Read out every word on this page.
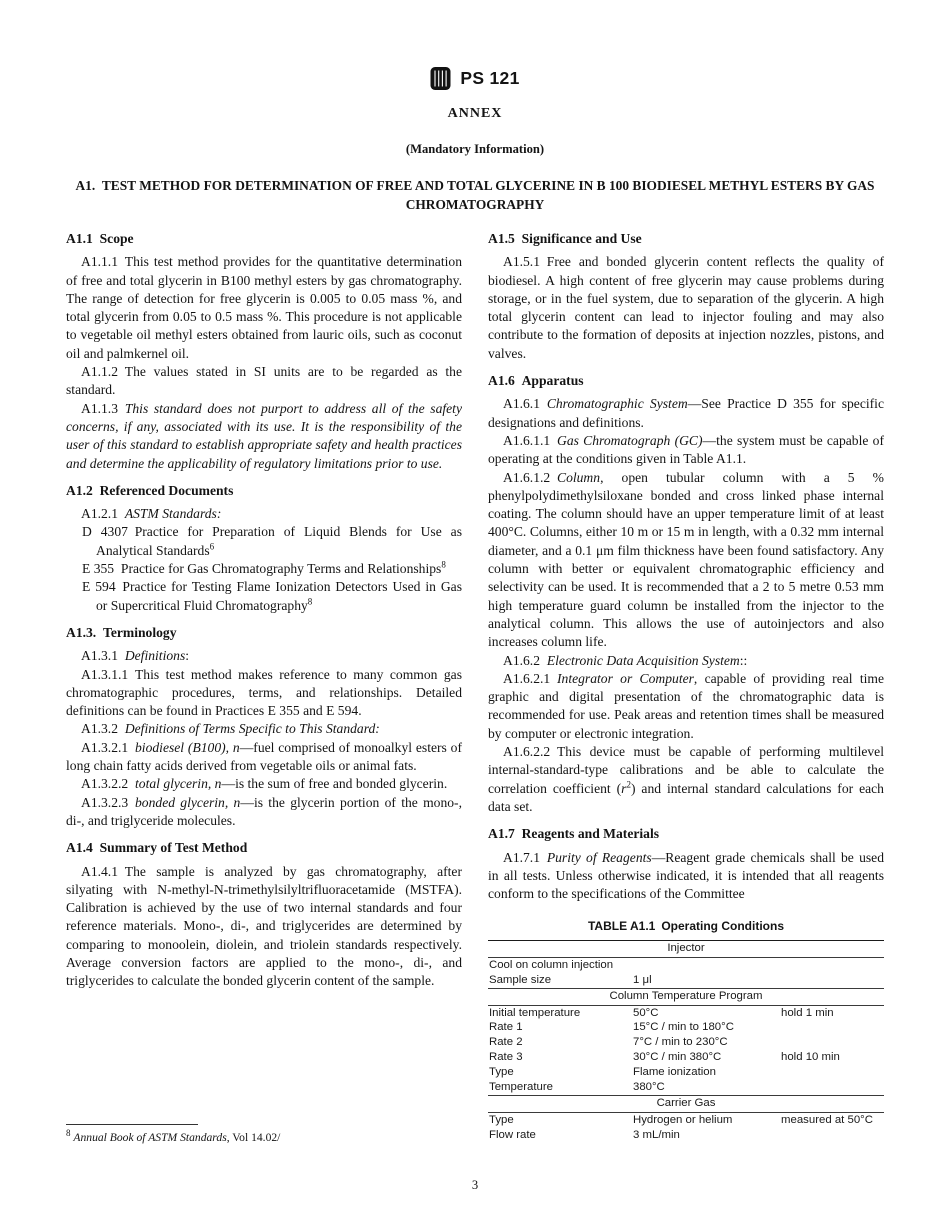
PS 121
ANNEX
(Mandatory Information)
A1. TEST METHOD FOR DETERMINATION OF FREE AND TOTAL GLYCERINE IN B 100 BIODIESEL METHYL ESTERS BY GAS CHROMATOGRAPHY
A1.1 Scope
A1.1.1 This test method provides for the quantitative determination of free and total glycerin in B100 methyl esters by gas chromatography. The range of detection for free glycerin is 0.005 to 0.05 mass %, and total glycerin from 0.05 to 0.5 mass %. This procedure is not applicable to vegetable oil methyl esters obtained from lauric oils, such as coconut oil and palmkernel oil.
A1.1.2 The values stated in SI units are to be regarded as the standard.
A1.1.3 This standard does not purport to address all of the safety concerns, if any, associated with its use. It is the responsibility of the user of this standard to establish appropriate safety and health practices and determine the applicability of regulatory limitations prior to use.
A1.2 Referenced Documents
A1.2.1 ASTM Standards:
D 4307 Practice for Preparation of Liquid Blends for Use as Analytical Standards$^6$
E 355 Practice for Gas Chromatography Terms and Relationships$^8$
E 594 Practice for Testing Flame Ionization Detectors Used in Gas or Supercritical Fluid Chromatography$^8$
A1.3. Terminology
A1.3.1 Definitions:
A1.3.1.1 This test method makes reference to many common gas chromatographic procedures, terms, and relationships. Detailed definitions can be found in Practices E 355 and E 594.
A1.3.2 Definitions of Terms Specific to This Standard:
A1.3.2.1 biodiesel (B100), n—fuel comprised of monoalkyl esters of long chain fatty acids derived from vegetable oils or animal fats.
A1.3.2.2 total glycerin, n—is the sum of free and bonded glycerin.
A1.3.2.3 bonded glycerin, n—is the glycerin portion of the mono-, di-, and triglyceride molecules.
A1.4 Summary of Test Method
A1.4.1 The sample is analyzed by gas chromatography, after silyating with N-methyl-N-trimethylsilyltrifluoracetamide (MSTFA). Calibration is achieved by the use of two internal standards and four reference materials. Mono-, di-, and triglycerides are determined by comparing to monoolein, diolein, and triolein standards respectively. Average conversion factors are applied to the mono-, di-, and triglycerides to calculate the bonded glycerin content of the sample.
A1.5 Significance and Use
A1.5.1 Free and bonded glycerin content reflects the quality of biodiesel. A high content of free glycerin may cause problems during storage, or in the fuel system, due to separation of the glycerin. A high total glycerin content can lead to injector fouling and may also contribute to the formation of deposits at injection nozzles, pistons, and valves.
A1.6 Apparatus
A1.6.1 Chromatographic System—See Practice D 355 for specific designations and definitions.
A1.6.1.1 Gas Chromatograph (GC)—the system must be capable of operating at the conditions given in Table A1.1.
A1.6.1.2 Column, open tubular column with a 5 % phenylpolydimethylsiloxane bonded and cross linked phase internal coating. The column should have an upper temperature limit of at least 400°C. Columns, either 10 m or 15 m in length, with a 0.32 mm internal diameter, and a 0.1 μm film thickness have been found satisfactory. Any column with better or equivalent chromatographic efficiency and selectivity can be used. It is recommended that a 2 to 5 metre 0.53 mm high temperature guard column be installed from the injector to the analytical column. This allows the use of autoinjectors and also increases column life.
A1.6.2 Electronic Data Acquisition System::
A1.6.2.1 Integrator or Computer, capable of providing real time graphic and digital presentation of the chromatographic data is recommended for use. Peak areas and retention times shall be measured by computer or electronic integration.
A1.6.2.2 This device must be capable of performing multilevel internal-standard-type calibrations and be able to calculate the correlation coefficient $(r^2)$ and internal standard calculations for each data set.
A1.7 Reagents and Materials
A1.7.1 Purity of Reagents—Reagent grade chemicals shall be used in all tests. Unless otherwise indicated, it is intended that all reagents conform to the specifications of the Committee
TABLE A1.1 Operating Conditions
Injector
Cool on column injection
Sample size	1 μl
Column Temperature Program
Initial temperature	50°C	hold 1 min
Rate 1	15°C / min to 180°C
Rate 2	7°C / min to 230°C
Rate 3	30°C / min 380°C	hold 10 min
Type	Flame ionization
Temperature	380°C
Carrier Gas
Type	Hydrogen or helium	measured at 50°C
Flow rate	3 mL/min
$^8$ Annual Book of ASTM Standards, Vol 14.02/
3
